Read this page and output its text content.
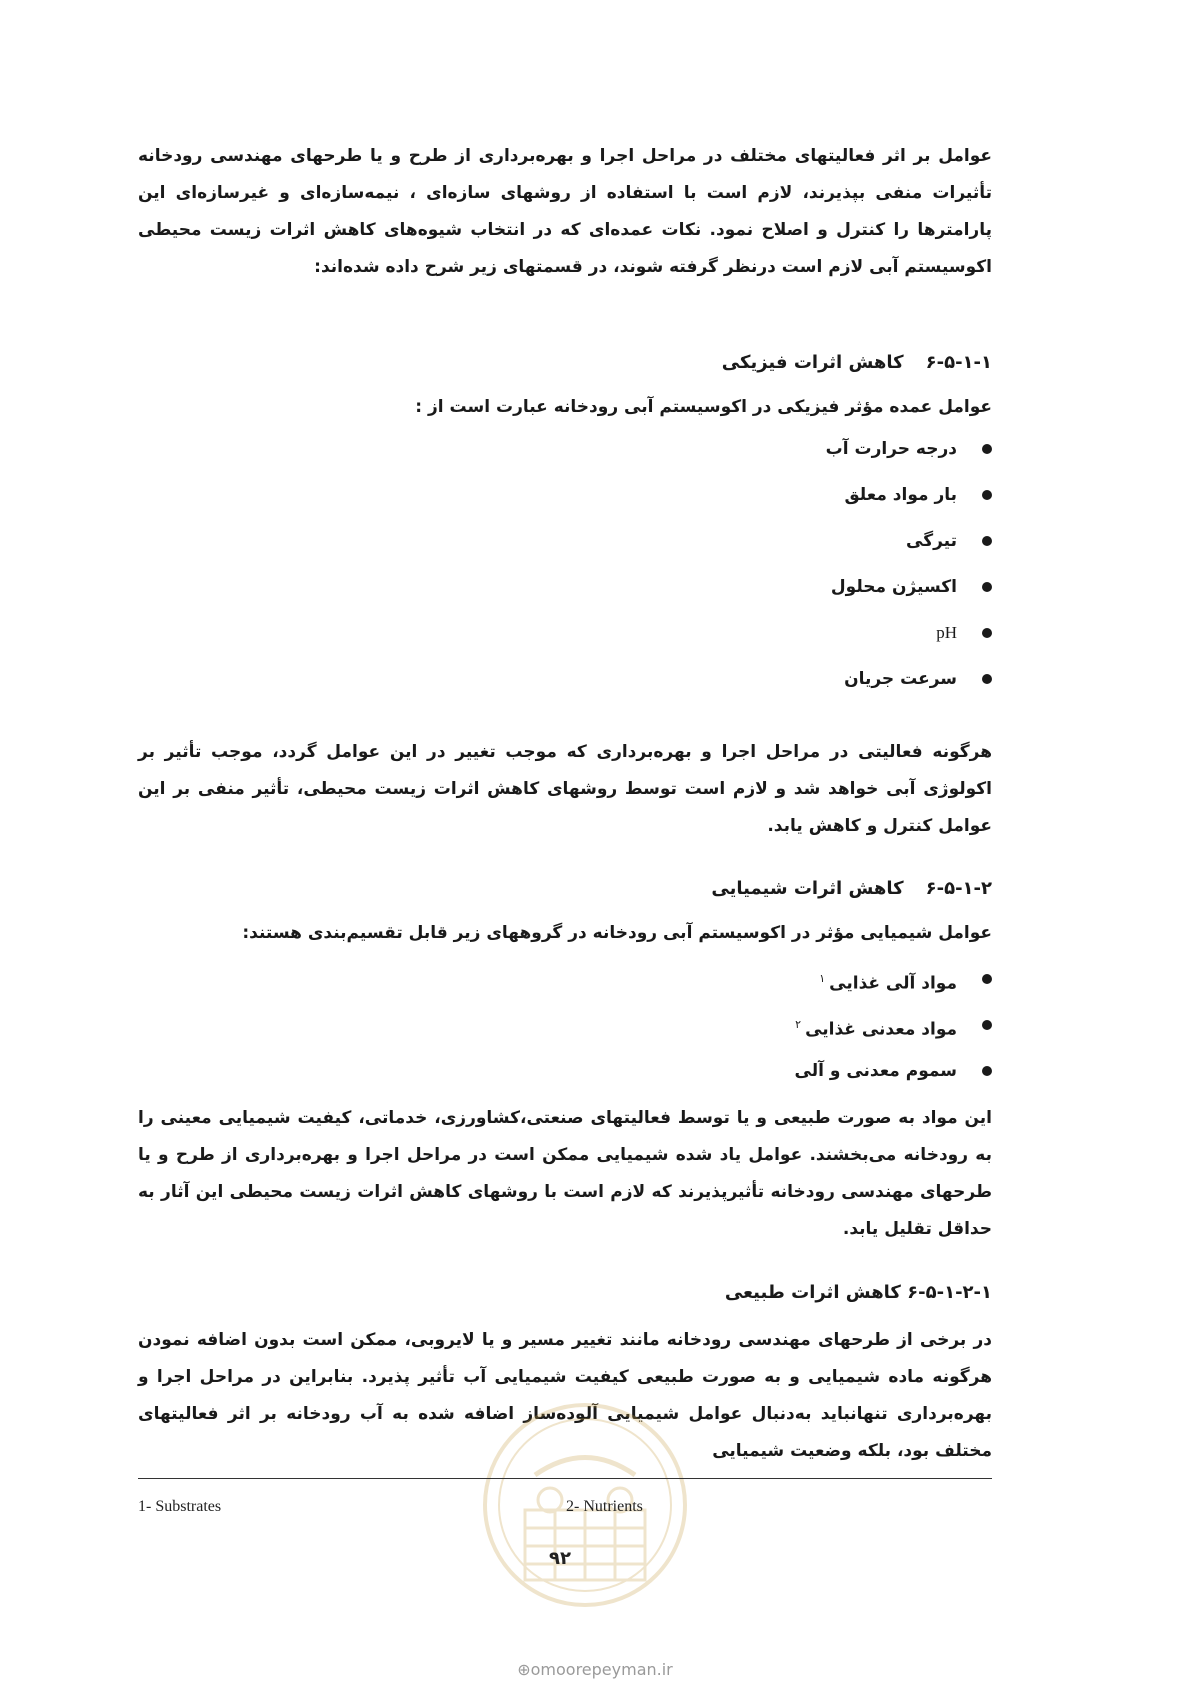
عوامل بر اثر فعالیتهای مختلف در مراحل اجرا و بهره‌برداری از طرح و یا طرحهای مهندسی رودخانه تأثیرات منفی بپذیرند، لازم است با استفاده از روشهای سازه‌ای ، نیمه‌سازه‌ای و غیرسازه‌ای این پارامترها را کنترل و اصلاح نمود. نکات عمده‌ای که در انتخاب شیوه‌های کاهش اثرات زیست محیطی اکوسیستم آبی لازم است درنظر گرفته شوند، در قسمتهای زیر شرح داده شده‌اند:
۶-۵-۱-۱کاهش اثرات فیزیکی
عوامل عمده مؤثر فیزیکی در اکوسیستم آبی رودخانه عبارت است از :
درجه حرارت آب
بار مواد معلق
تیرگی
اکسیژن محلول
pH
سرعت جریان
هرگونه فعالیتی در مراحل اجرا و بهره‌برداری که موجب تغییر در این عوامل گردد، موجب تأثیر بر اکولوژی آبی خواهد شد و لازم است توسط روشهای کاهش اثرات زیست محیطی، تأثیر منفی بر این عوامل کنترل و کاهش یابد.
۶-۵-۱-۲کاهش اثرات شیمیایی
عوامل شیمیایی مؤثر در اکوسیستم آبی رودخانه در گروههای زیر قابل تقسیم‌بندی هستند:
مواد آلی غذایی$^۱$
مواد معدنی غذایی$^۲$
سموم معدنی و آلی
این مواد به صورت طبیعی و یا توسط فعالیتهای صنعتی،کشاورزی، خدماتی، کیفیت شیمیایی معینی را به رودخانه می‌بخشند. عوامل یاد شده شیمیایی ممکن است در مراحل اجرا و بهره‌برداری از طرح و یا طرحهای مهندسی رودخانه تأثیرپذیرند که لازم است با روشهای کاهش اثرات زیست محیطی این آثار به حداقل تقلیل یابد.
۶-۵-۱-۲-۱ کاهش اثرات طبیعی
در برخی از طرحهای مهندسی رودخانه مانند تغییر مسیر و یا لایروبی، ممکن است بدون اضافه نمودن هرگونه ماده شیمیایی و به صورت طبیعی کیفیت شیمیایی آب تأثیر پذیرد. بنابراین در مراحل اجرا و بهره‌برداری تنهانباید به‌دنبال عوامل شیمیایی آلوده‌ساز اضافه شده به آب رودخانه بر اثر فعالیتهای مختلف بود، بلکه وضعیت شیمیایی
1- Substrates	2- Nutrients
۹۲
⊕omoorepeyman.ir
